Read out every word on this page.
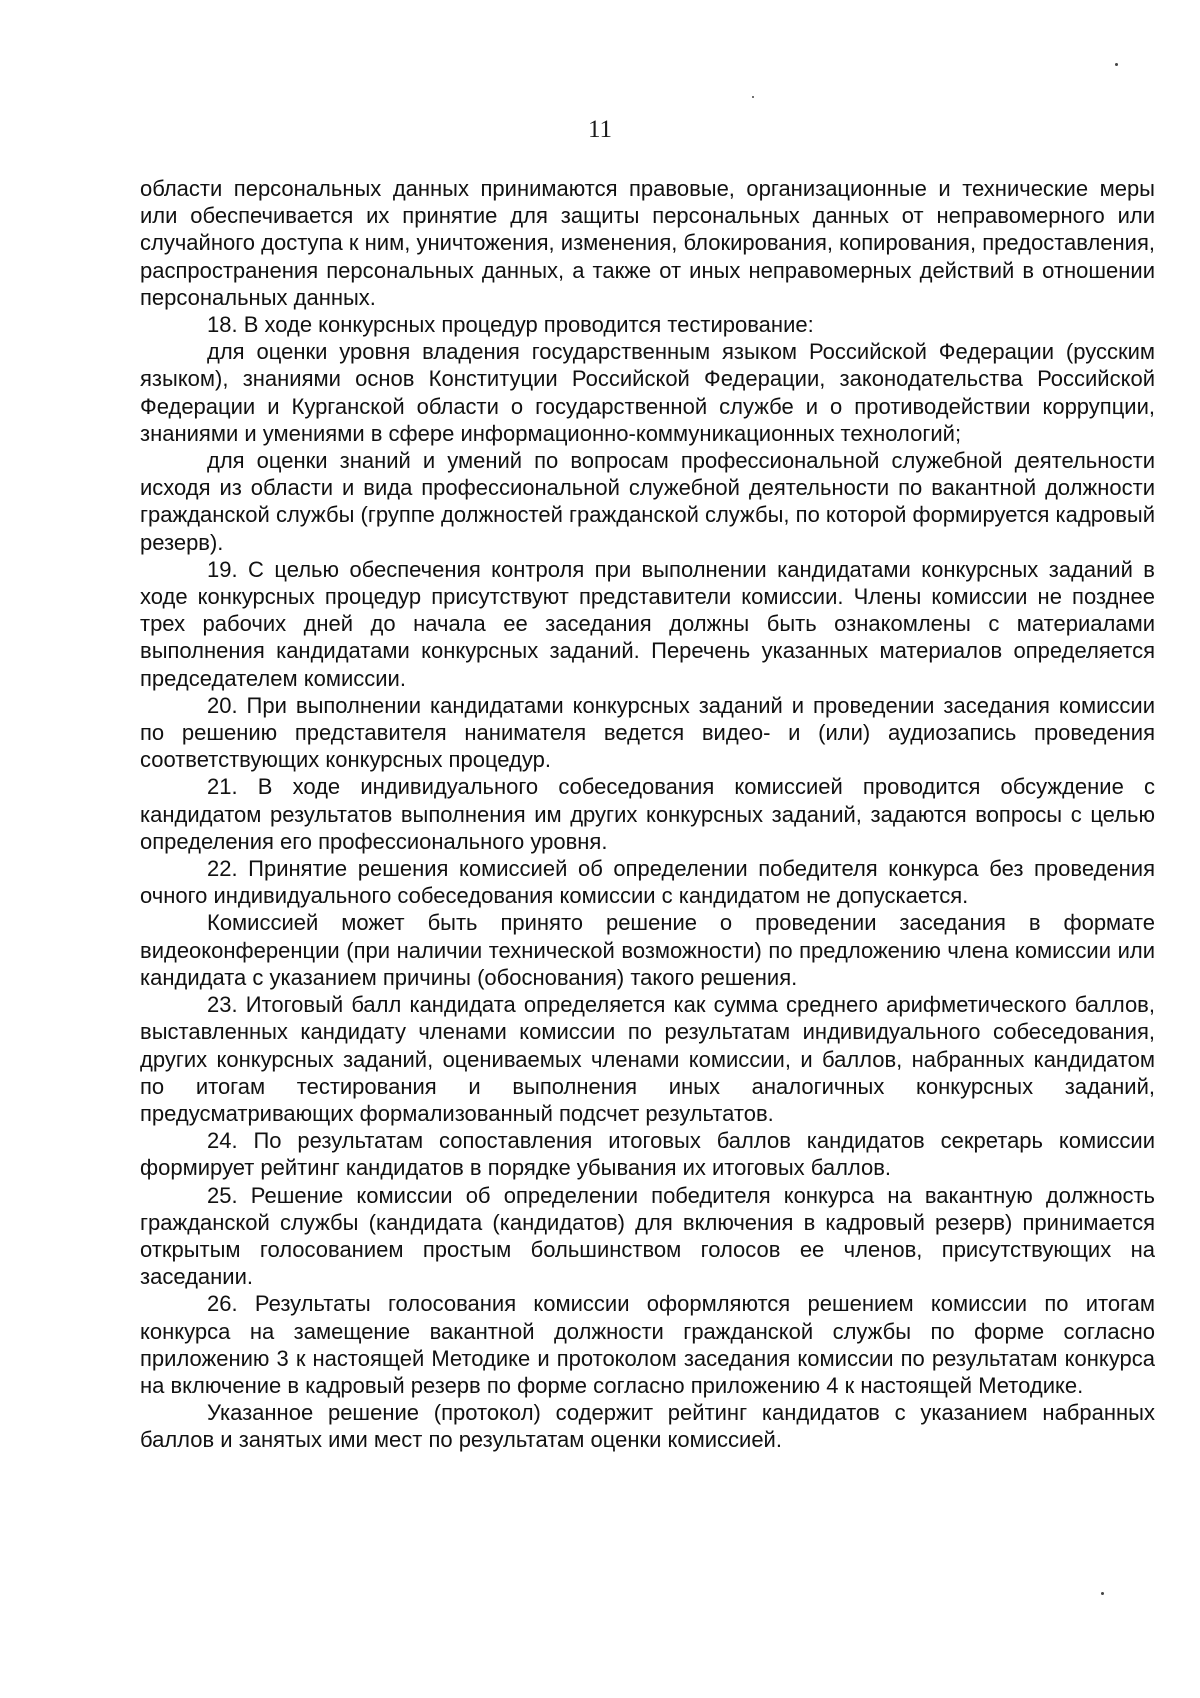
11

области персональных данных принимаются правовые, организационные и технические меры или обеспечивается их принятие для защиты персональных данных от неправомерного или случайного доступа к ним, уничтожения, изменения, блокирования, копирования, предоставления, распространения персональных данных, а также от иных неправомерных действий в отношении персональных данных.

18. В ходе конкурсных процедур проводится тестирование:

для оценки уровня владения государственным языком Российской Федерации (русским языком), знаниями основ Конституции Российской Федерации, законодательства Российской Федерации и Курганской области о государственной службе и о противодействии коррупции, знаниями и умениями в сфере информационно-коммуникационных технологий;

для оценки знаний и умений по вопросам профессиональной служебной деятельности исходя из области и вида профессиональной служебной деятельности по вакантной должности гражданской службы (группе должностей гражданской службы, по которой формируется кадровый резерв).

19. С целью обеспечения контроля при выполнении кандидатами конкурсных заданий в ходе конкурсных процедур присутствуют представители комиссии. Члены комиссии не позднее трех рабочих дней до начала ее заседания должны быть ознакомлены с материалами выполнения кандидатами конкурсных заданий. Перечень указанных материалов определяется председателем комиссии.

20. При выполнении кандидатами конкурсных заданий и проведении заседания комиссии по решению представителя нанимателя ведется видео- и (или) аудиозапись проведения соответствующих конкурсных процедур.

21. В ходе индивидуального собеседования комиссией проводится обсуждение с кандидатом результатов выполнения им других конкурсных заданий, задаются вопросы с целью определения его профессионального уровня.

22. Принятие решения комиссией об определении победителя конкурса без проведения очного индивидуального собеседования комиссии с кандидатом не допускается.

Комиссией может быть принято решение о проведении заседания в формате видеоконференции (при наличии технической возможности) по предложению члена комиссии или кандидата с указанием причины (обоснования) такого решения.

23. Итоговый балл кандидата определяется как сумма среднего арифметического баллов, выставленных кандидату членами комиссии по результатам индивидуального собеседования, других конкурсных заданий, оцениваемых членами комиссии, и баллов, набранных кандидатом по итогам тестирования и выполнения иных аналогичных конкурсных заданий, предусматривающих формализованный подсчет результатов.

24. По результатам сопоставления итоговых баллов кандидатов секретарь комиссии формирует рейтинг кандидатов в порядке убывания их итоговых баллов.

25. Решение комиссии об определении победителя конкурса на вакантную должность гражданской службы (кандидата (кандидатов) для включения в кадровый резерв) принимается открытым голосованием простым большинством голосов ее членов, присутствующих на заседании.

26. Результаты голосования комиссии оформляются решением комиссии по итогам конкурса на замещение вакантной должности гражданской службы по форме согласно приложению 3 к настоящей Методике и протоколом заседания комиссии по результатам конкурса на включение в кадровый резерв по форме согласно приложению 4 к настоящей Методике.

Указанное решение (протокол) содержит рейтинг кандидатов с указанием набранных баллов и занятых ими мест по результатам оценки комиссией.
